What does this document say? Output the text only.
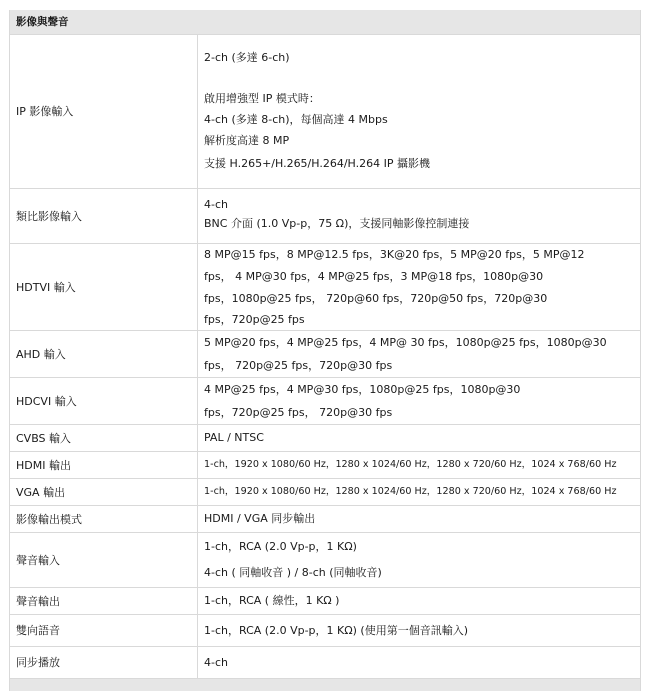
影像與聲音
IP 影像輸入	2-ch (多達 6-ch)
啟用增強型 IP 模式時：
4-ch (多達 8-ch)，每個高達 4 Mbps
解析度高達 8 MP
支援 H.265+/H.265/H.264/H.264 IP 攝影機

類比影像輸入	4-ch
BNC 介面 (1.0 Vp-p，75 Ω)，支援同軸影像控制連接

HDTVI 輸入	8 MP@15 fps，8 MP@12.5 fps，3K@20 fps，5 MP@20 fps，5 MP@12
fps， 4 MP@30 fps，4 MP@25 fps，3 MP@18 fps，1080p@30
fps，1080p@25 fps， 720p@60 fps，720p@50 fps，720p@30
fps，720p@25 fps

AHD 輸入	5 MP@20 fps，4 MP@25 fps，4 MP@ 30 fps，1080p@25 fps，1080p@30
fps， 720p@25 fps，720p@30 fps

HDCVI 輸入	4 MP@25 fps，4 MP@30 fps，1080p@25 fps，1080p@30
fps，720p@25 fps， 720p@30 fps

CVBS 輸入	PAL / NTSC

HDMI 輸出	1-ch，1920 x 1080/60 Hz，1280 x 1024/60 Hz，1280 x 720/60 Hz，1024 x 768/60 Hz

VGA 輸出	1-ch，1920 x 1080/60 Hz，1280 x 1024/60 Hz，1280 x 720/60 Hz，1024 x 768/60 Hz

影像輸出模式	HDMI / VGA 同步輸出

聲音輸入	1-ch，RCA (2.0 Vp-p，1 KΩ)
4-ch ( 同軸收音 ) / 8-ch (同軸收音)

聲音輸出	1-ch，RCA ( 線性，1 KΩ )

雙向語音	1-ch，RCA (2.0 Vp-p，1 KΩ) (使用第一個音訊輸入)

同步播放	4-ch
